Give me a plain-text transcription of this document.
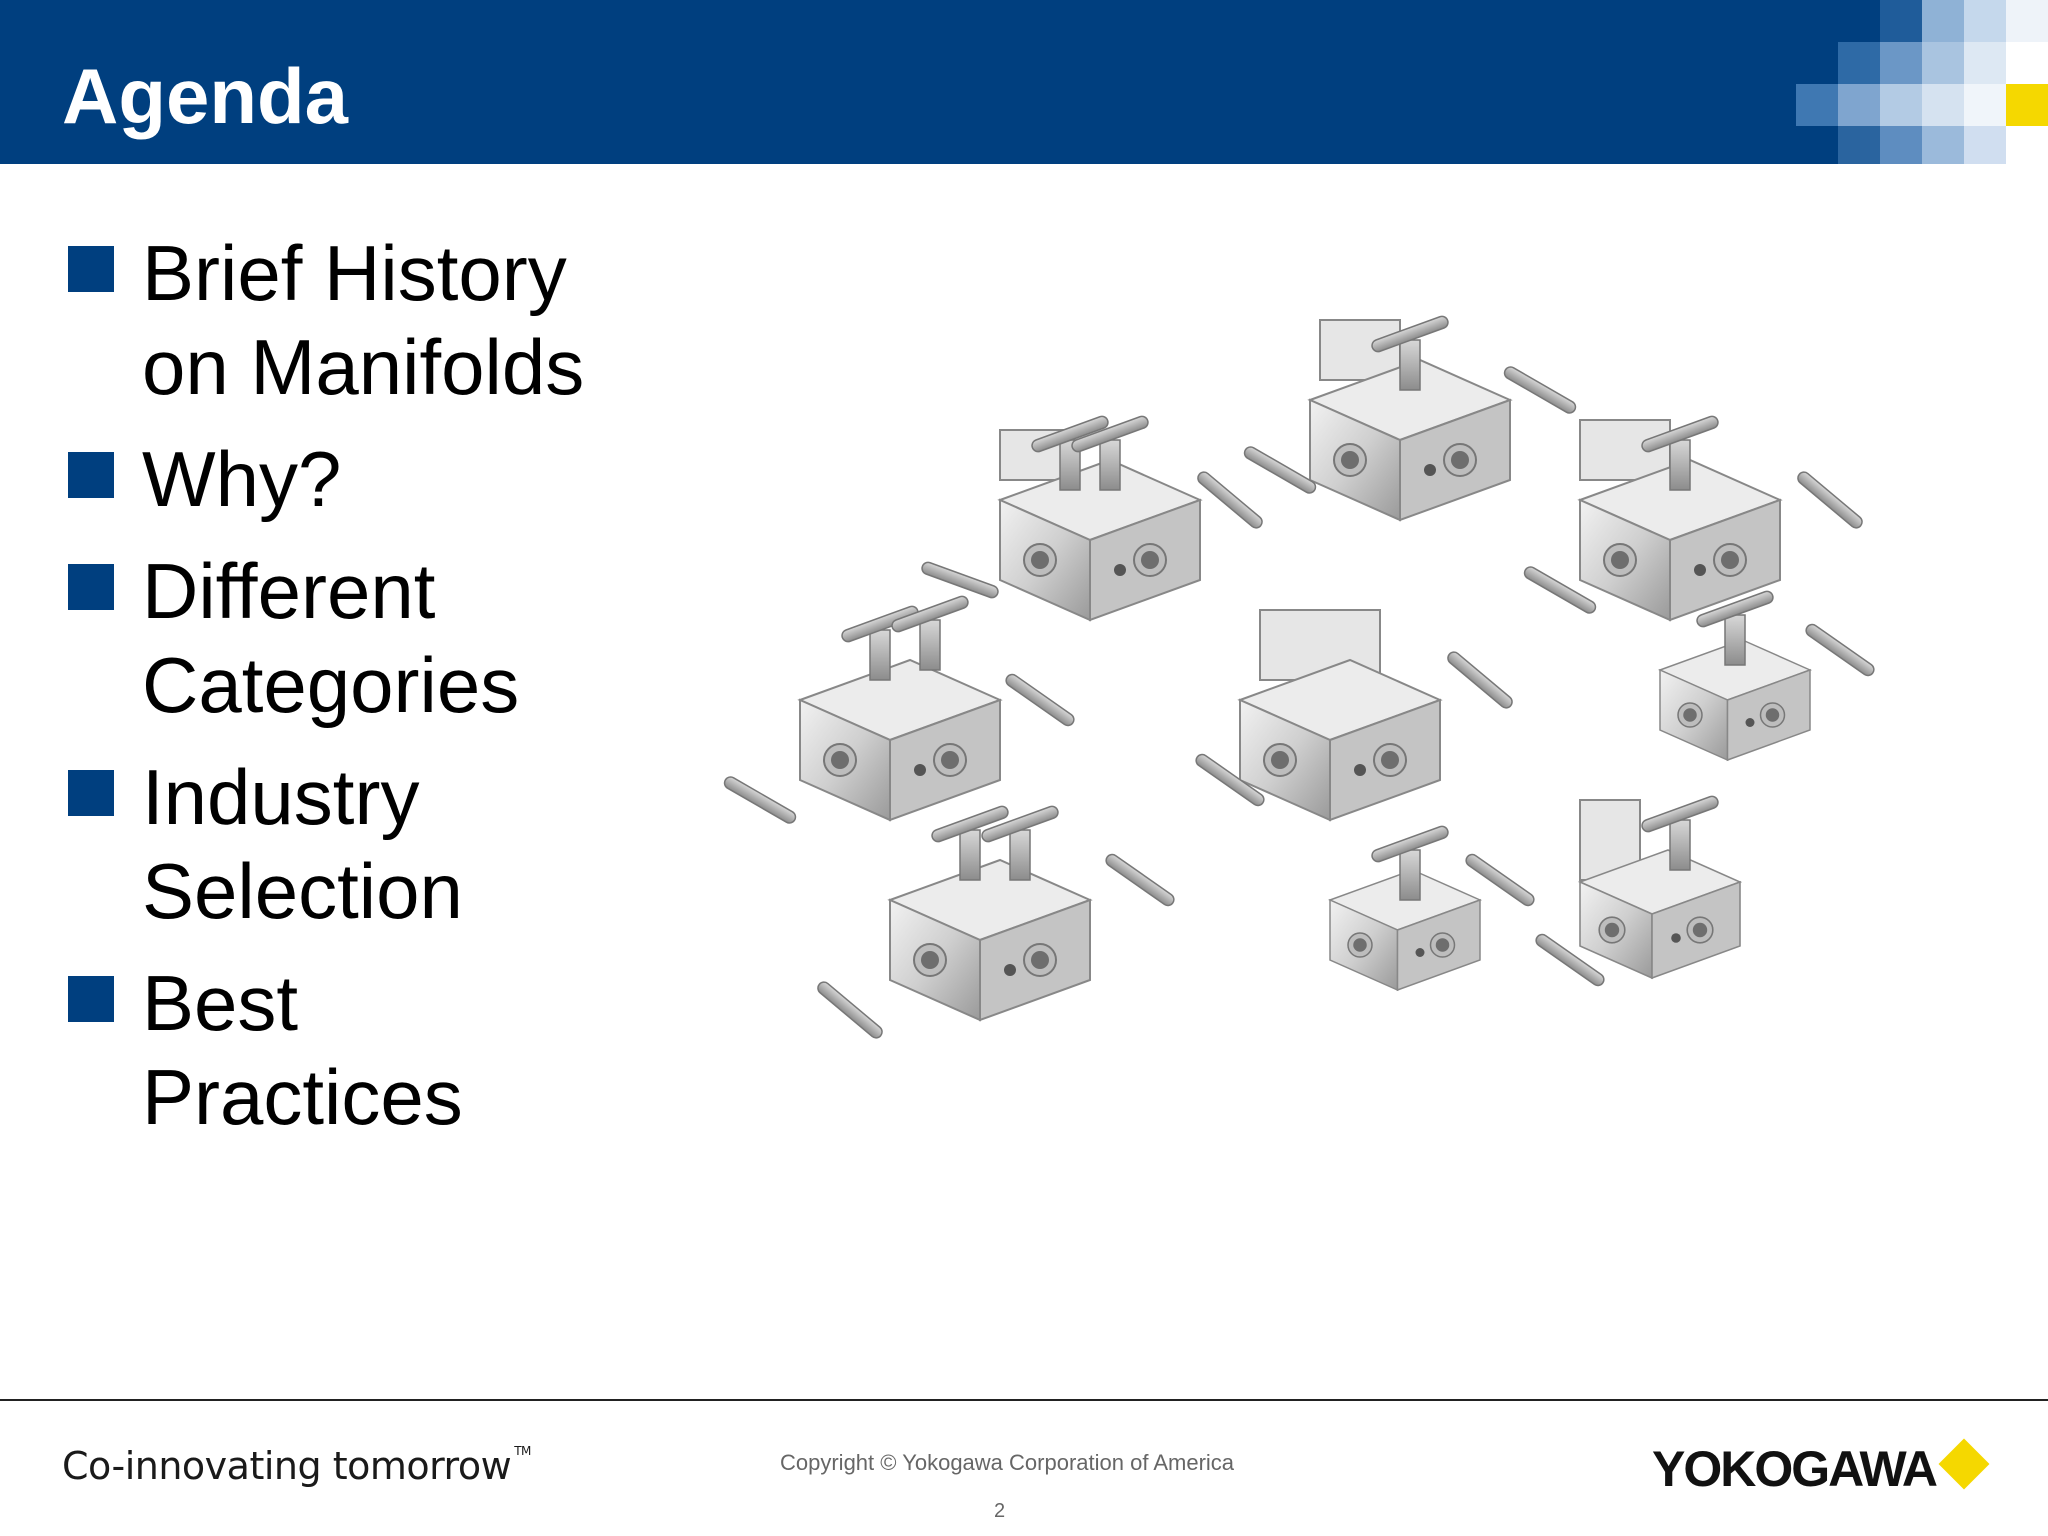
Agenda
Brief History
on Manifolds
Why?
Different
Categories
Industry
Selection
Best
Practices
Co-innovating tomorrow ™	Copyright © Yokogawa Corporation of America
2
YOKOGAWA
